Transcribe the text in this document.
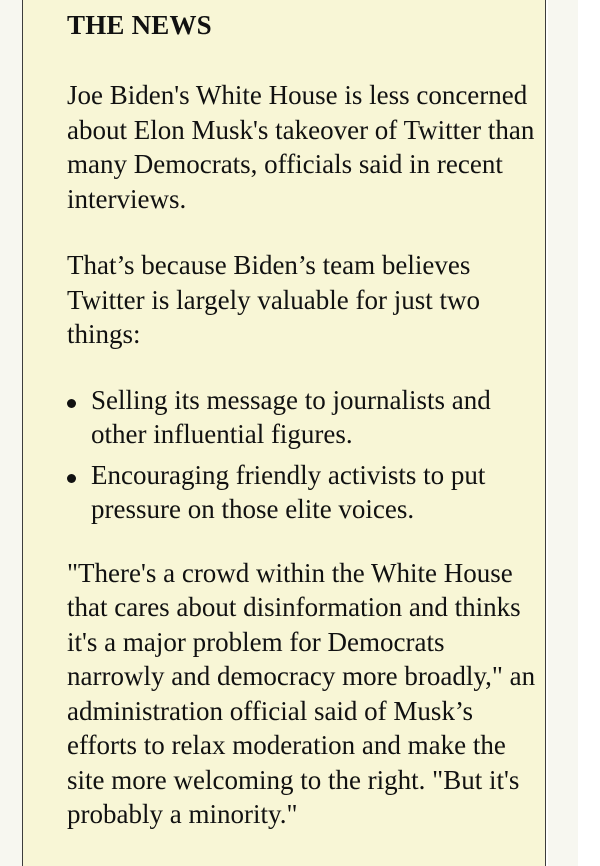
THE NEWS

Joe Biden's White House is less concerned about Elon Musk's takeover of Twitter than many Democrats, officials said in recent interviews.

That’s because Biden’s team believes Twitter is largely valuable for just two things:

Selling its message to journalists and other influential figures.
Encouraging friendly activists to put pressure on those elite voices.

"There's a crowd within the White House that cares about disinformation and thinks it's a major problem for Democrats narrowly and democracy more broadly," an administration official said of Musk’s efforts to relax moderation and make the site more welcoming to the right. "But it's probably a minority."
